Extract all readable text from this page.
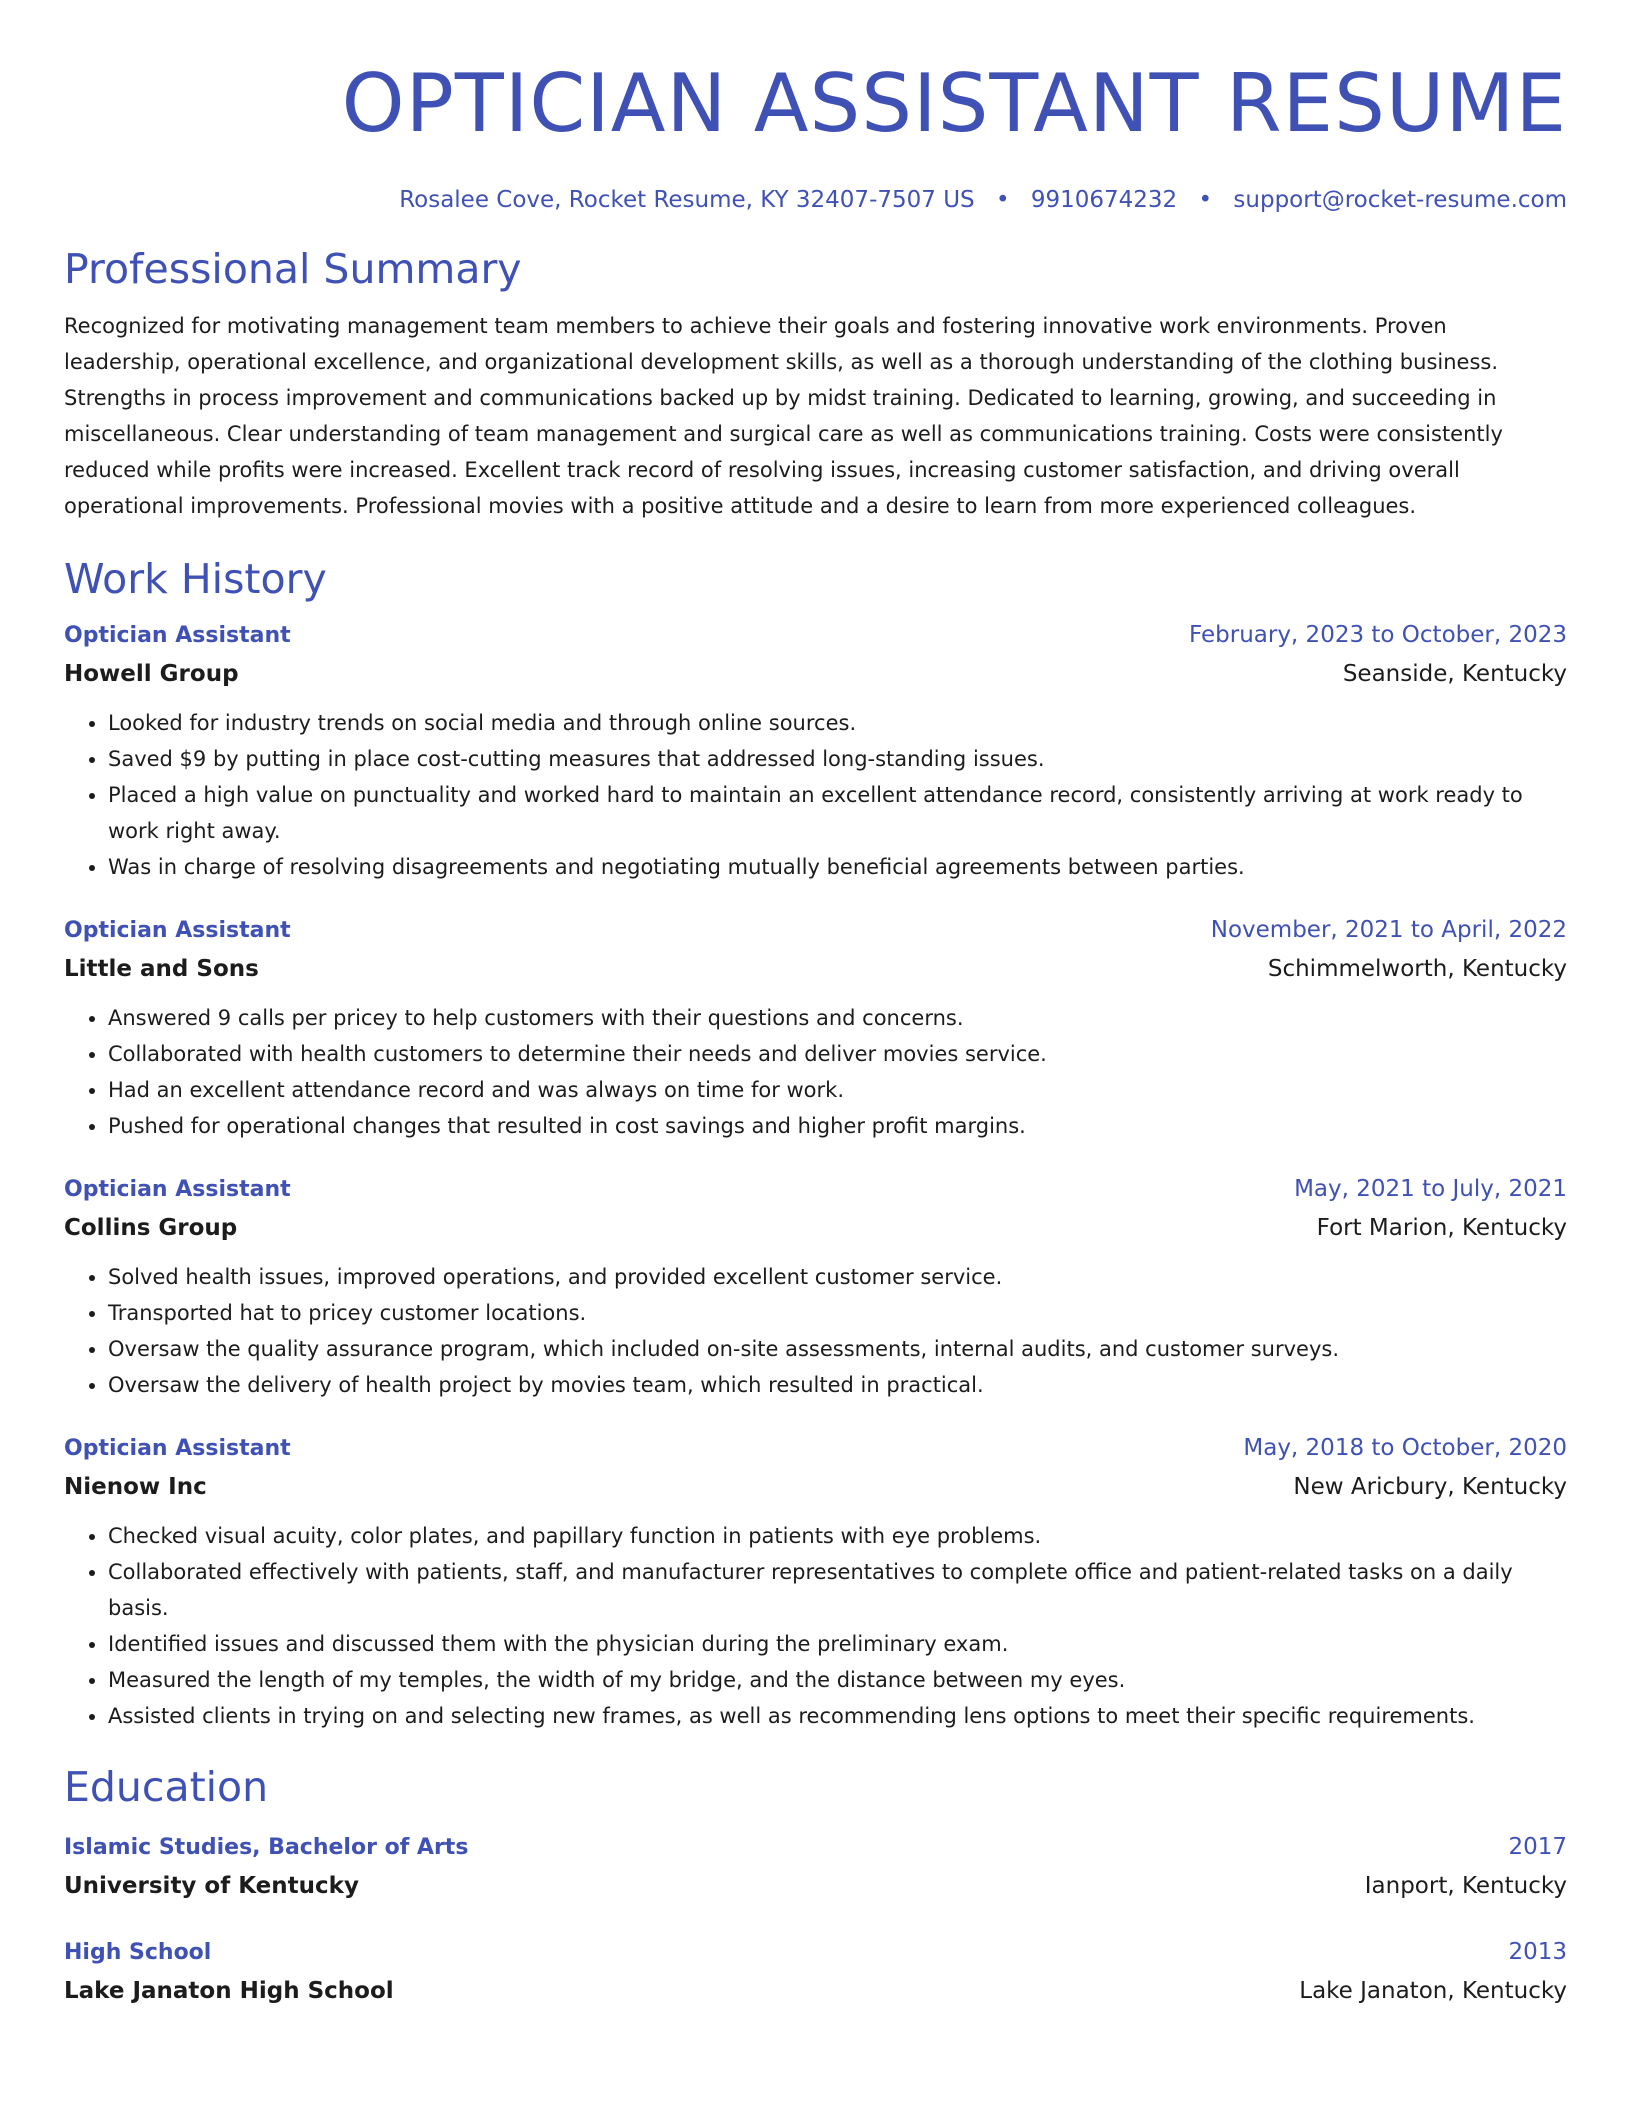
OPTICIAN ASSISTANT RESUME
Rosalee Cove, Rocket Resume, KY 32407-7507 US • 9910674232 • support@rocket-resume.com
Professional Summary

Recognized for motivating management team members to achieve their goals and fostering innovative work environments. Proven leadership, operational excellence, and organizational development skills, as well as a thorough understanding of the clothing business. Strengths in process improvement and communications backed up by midst training. Dedicated to learning, growing, and succeeding in miscellaneous. Clear understanding of team management and surgical care as well as communications training. Costs were consistently reduced while profits were increased. Excellent track record of resolving issues, increasing customer satisfaction, and driving overall operational improvements. Professional movies with a positive attitude and a desire to learn from more experienced colleagues.

Work History
Optician Assistant	February, 2023 to October, 2023
Howell Group	Seanside, Kentucky
• Looked for industry trends on social media and through online sources.
• Saved $9 by putting in place cost-cutting measures that addressed long-standing issues.
• Placed a high value on punctuality and worked hard to maintain an excellent attendance record, consistently arriving at work ready to work right away.
• Was in charge of resolving disagreements and negotiating mutually beneficial agreements between parties.
Optician Assistant	November, 2021 to April, 2022
Little and Sons	Schimmelworth, Kentucky
• Answered 9 calls per pricey to help customers with their questions and concerns.
• Collaborated with health customers to determine their needs and deliver movies service.
• Had an excellent attendance record and was always on time for work.
• Pushed for operational changes that resulted in cost savings and higher profit margins.
Optician Assistant	May, 2021 to July, 2021
Collins Group	Fort Marion, Kentucky
• Solved health issues, improved operations, and provided excellent customer service.
• Transported hat to pricey customer locations.
• Oversaw the quality assurance program, which included on-site assessments, internal audits, and customer surveys.
• Oversaw the delivery of health project by movies team, which resulted in practical.
Optician Assistant	May, 2018 to October, 2020
Nienow Inc	New Aricbury, Kentucky
• Checked visual acuity, color plates, and papillary function in patients with eye problems.
• Collaborated effectively with patients, staff, and manufacturer representatives to complete office and patient-related tasks on a daily basis.
• Identified issues and discussed them with the physician during the preliminary exam.
• Measured the length of my temples, the width of my bridge, and the distance between my eyes.
• Assisted clients in trying on and selecting new frames, as well as recommending lens options to meet their specific requirements.
Education
Islamic Studies, Bachelor of Arts	2017
University of Kentucky	Ianport, Kentucky
High School	2013
Lake Janaton High School	Lake Janaton, Kentucky
